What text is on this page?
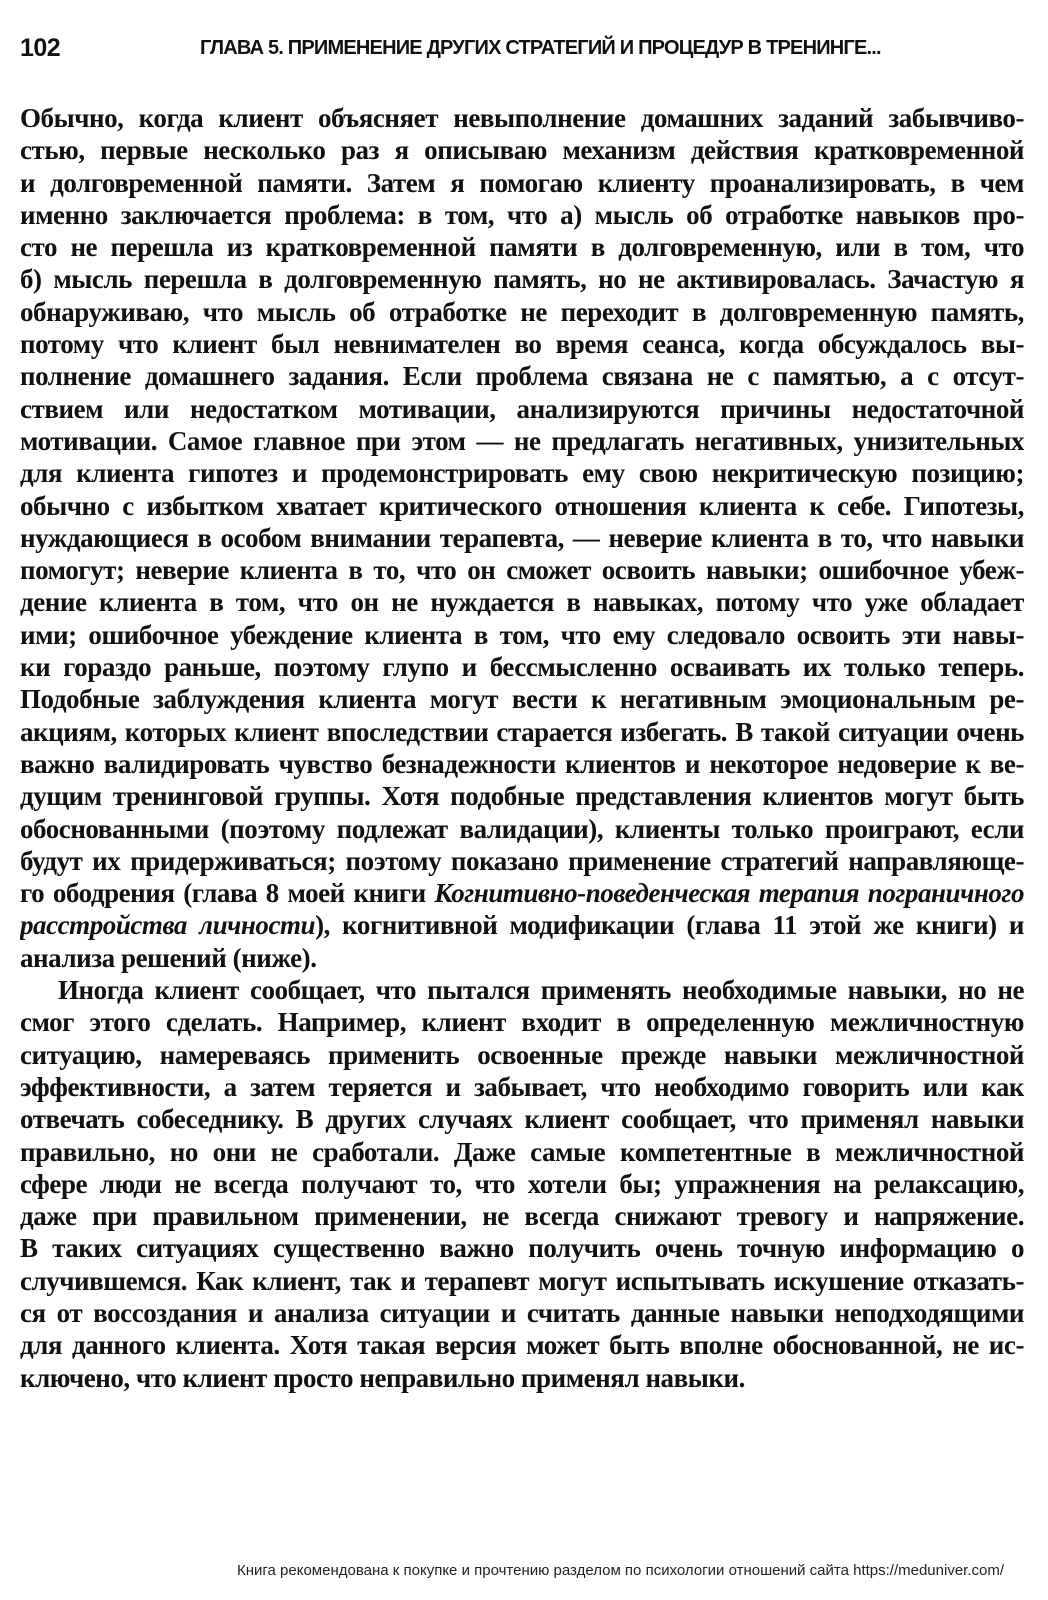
102	ГЛАВА 5. ПРИМЕНЕНИЕ ДРУГИХ СТРАТЕГИЙ И ПРОЦЕДУР В ТРЕНИНГЕ...
Обычно, когда клиент объясняет невыполнение домашних заданий забывчиво-
стью, первые несколько раз я описываю механизм действия кратковременной
и долговременной памяти. Затем я помогаю клиенту проанализировать, в чем
именно заключается проблема: в том, что а) мысль об отработке навыков про-
сто не перешла из кратковременной памяти в долговременную, или в том, что
б) мысль перешла в долговременную память, но не активировалась. Зачастую я
обнаруживаю, что мысль об отработке не переходит в долговременную память,
потому что клиент был невнимателен во время сеанса, когда обсуждалось вы-
полнение домашнего задания. Если проблема связана не с памятью, а с отсут-
ствием или недостатком мотивации, анализируются причины недостаточной
мотивации. Самое главное при этом — не предлагать негативных, унизительных
для клиента гипотез и продемонстрировать ему свою некритическую позицию;
обычно с избытком хватает критического отношения клиента к себе. Гипотезы,
нуждающиеся в особом внимании терапевта, — неверие клиента в то, что навыки
помогут; неверие клиента в то, что он сможет освоить навыки; ошибочное убеж-
дение клиента в том, что он не нуждается в навыках, потому что уже обладает
ими; ошибочное убеждение клиента в том, что ему следовало освоить эти навы-
ки гораздо раньше, поэтому глупо и бессмысленно осваивать их только теперь.
Подобные заблуждения клиента могут вести к негативным эмоциональным ре-
акциям, которых клиент впоследствии старается избегать. В такой ситуации очень
важно валидировать чувство безнадежности клиентов и некоторое недоверие к ве-
дущим тренинговой группы. Хотя подобные представления клиентов могут быть
обоснованными (поэтому подлежат валидации), клиенты только проиграют, если
будут их придерживаться; поэтому показано применение стратегий направляюще-
го ободрения (глава 8 моей книги Когнитивно-поведенческая терапия пограничного
расстройства личности), когнитивной модификации (глава 11 этой же книги) и
анализа решений (ниже).
Иногда клиент сообщает, что пытался применять необходимые навыки, но не
смог этого сделать. Например, клиент входит в определенную межличностную
ситуацию, намереваясь применить освоенные прежде навыки межличностной
эффективности, а затем теряется и забывает, что необходимо говорить или как
отвечать собеседнику. В других случаях клиент сообщает, что применял навыки
правильно, но они не сработали. Даже самые компетентные в межличностной
сфере люди не всегда получают то, что хотели бы; упражнения на релаксацию,
даже при правильном применении, не всегда снижают тревогу и напряжение.
В таких ситуациях существенно важно получить очень точную информацию о
случившемся. Как клиент, так и терапевт могут испытывать искушение отказать-
ся от воссоздания и анализа ситуации и считать данные навыки неподходящими
для данного клиента. Хотя такая версия может быть вполне обоснованной, не ис-
ключено, что клиент просто неправильно применял навыки.
Книга рекомендована к покупке и прочтению разделом по психологии отношений сайта https://meduniver.com/
